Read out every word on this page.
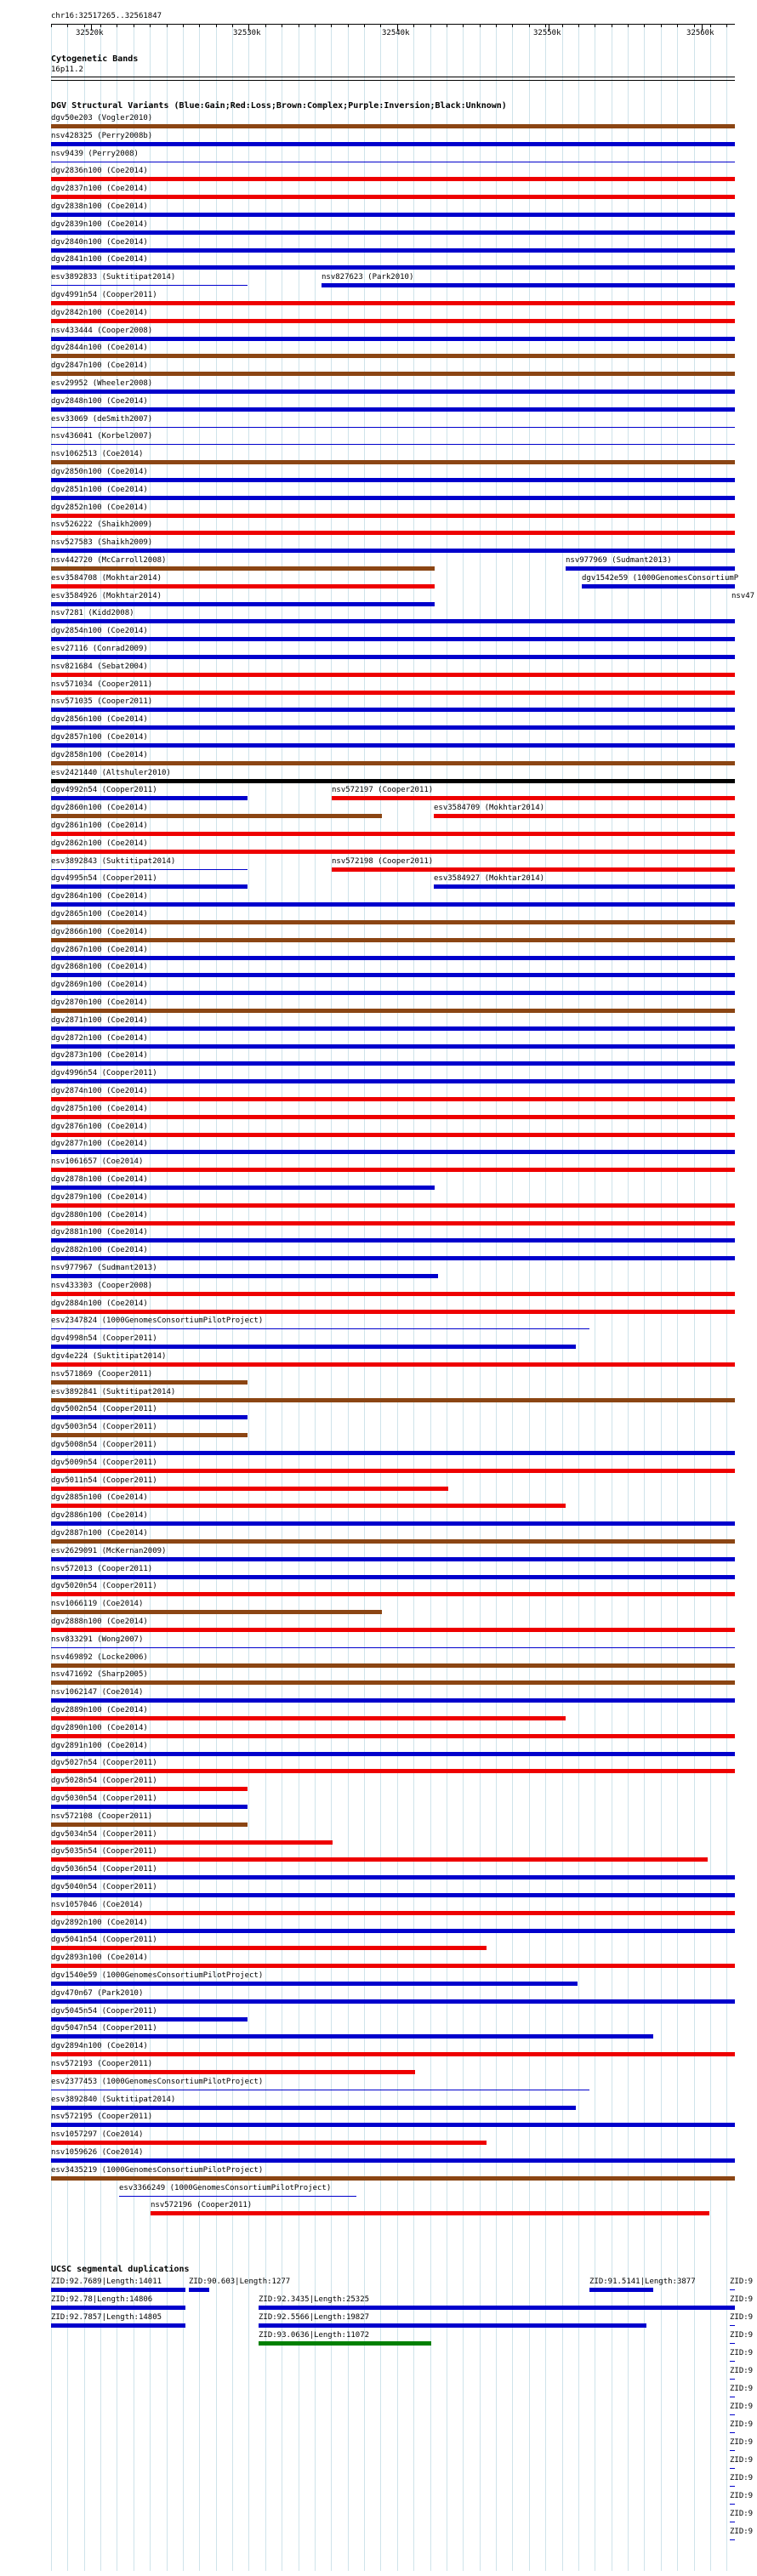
chr16:32517265..32561847
32520k	32530k	32540k	32550k	32560k
Cytogenetic Bands
16p11.2
DGV Structural Variants (Blue:Gain;Red:Loss;Brown:Complex;Purple:Inversion;Black:Unknown)
dgv50e203 (Vogler2010)
nsv428325 (Perry2008b)
nsv9439 (Perry2008)
dgv2836n100 (Coe2014)
dgv2837n100 (Coe2014)
dgv2838n100 (Coe2014)
dgv2839n100 (Coe2014)
dgv2840n100 (Coe2014)
dgv2841n100 (Coe2014)
esv3892833 (Suktitipat2014)	nsv827623 (Park2010)
dgv4991n54 (Cooper2011)
dgv2842n100 (Coe2014)
nsv433444 (Cooper2008)
dgv2844n100 (Coe2014)
dgv2847n100 (Coe2014)
esv29952 (Wheeler2008)
dgv2848n100 (Coe2014)
esv33069 (deSmith2007)
nsv436041 (Korbel2007)
nsv1062513 (Coe2014)
dgv2850n100 (Coe2014)
dgv2851n100 (Coe2014)
dgv2852n100 (Coe2014)
nsv526222 (Shaikh2009)
nsv527583 (Shaikh2009)
nsv442720 (McCarroll2008)	nsv977969 (Sudmant2013)
esv3584708 (Mokhtar2014)	dgv1542e59 (1000GenomesConsortiumP
esv3584926 (Mokhtar2014)	nsv47
nsv7281 (Kidd2008)
dgv2854n100 (Coe2014)
esv27116 (Conrad2009)
nsv821684 (Sebat2004)
nsv571034 (Cooper2011)
nsv571035 (Cooper2011)
dgv2856n100 (Coe2014)
dgv2857n100 (Coe2014)
dgv2858n100 (Coe2014)
esv2421440 (Altshuler2010)
dgv4992n54 (Cooper2011)	nsv572197 (Cooper2011)
dgv2860n100 (Coe2014)	esv3584709 (Mokhtar2014)
dgv2861n100 (Coe2014)
dgv2862n100 (Coe2014)
esv3892843 (Suktitipat2014)	nsv572198 (Cooper2011)
dgv4995n54 (Cooper2011)	esv3584927 (Mokhtar2014)
dgv2864n100 (Coe2014)
dgv2865n100 (Coe2014)
dgv2866n100 (Coe2014)
dgv2867n100 (Coe2014)
dgv2868n100 (Coe2014)
dgv2869n100 (Coe2014)
dgv2870n100 (Coe2014)
dgv2871n100 (Coe2014)
dgv2872n100 (Coe2014)
dgv2873n100 (Coe2014)
dgv4996n54 (Cooper2011)
dgv2874n100 (Coe2014)
dgv2875n100 (Coe2014)
dgv2876n100 (Coe2014)
dgv2877n100 (Coe2014)
nsv1061657 (Coe2014)
dgv2878n100 (Coe2014)
dgv2879n100 (Coe2014)
dgv2880n100 (Coe2014)
dgv2881n100 (Coe2014)
dgv2882n100 (Coe2014)
nsv977967 (Sudmant2013)
nsv433303 (Cooper2008)
dgv2884n100 (Coe2014)
esv2347824 (1000GenomesConsortiumPilotProject)
dgv4998n54 (Cooper2011)
dgv4e224 (Suktitipat2014)
nsv571869 (Cooper2011)
esv3892841 (Suktitipat2014)
dgv5002n54 (Cooper2011)
dgv5003n54 (Cooper2011)
dgv5008n54 (Cooper2011)
dgv5009n54 (Cooper2011)
dgv5011n54 (Cooper2011)
dgv2885n100 (Coe2014)
dgv2886n100 (Coe2014)
dgv2887n100 (Coe2014)
esv2629091 (McKernan2009)
nsv572013 (Cooper2011)
dgv5020n54 (Cooper2011)
nsv1066119 (Coe2014)
dgv2888n100 (Coe2014)
nsv833291 (Wong2007)
nsv469892 (Locke2006)
nsv471692 (Sharp2005)
nsv1062147 (Coe2014)
dgv2889n100 (Coe2014)
dgv2890n100 (Coe2014)
dgv2891n100 (Coe2014)
dgv5027n54 (Cooper2011)
dgv5028n54 (Cooper2011)
dgv5030n54 (Cooper2011)
nsv572108 (Cooper2011)
dgv5034n54 (Cooper2011)
dgv5035n54 (Cooper2011)
dgv5036n54 (Cooper2011)
dgv5040n54 (Cooper2011)
nsv1057046 (Coe2014)
dgv2892n100 (Coe2014)
dgv5041n54 (Cooper2011)
dgv2893n100 (Coe2014)
dgv1540e59 (1000GenomesConsortiumPilotProject)
dgv470n67 (Park2010)
dgv5045n54 (Cooper2011)
dgv5047n54 (Cooper2011)
dgv2894n100 (Coe2014)
nsv572193 (Cooper2011)
esv2377453 (1000GenomesConsortiumPilotProject)
esv3892840 (Suktitipat2014)
nsv572195 (Cooper2011)
nsv1057297 (Coe2014)
nsv1059626 (Coe2014)
esv3435219 (1000GenomesConsortiumPilotProject)
esv3366249 (1000GenomesConsortiumPilotProject)
nsv572196 (Cooper2011)
UCSC segmental duplications
ZID:92.7689|Length:14011	ZID:90.603|Length:1277	ZID:91.5141|Length:3877	ZID:9
ZID:92.78|Length:14806	ZID:92.3435|Length:25325	ZID:9
ZID:92.7857|Length:14805	ZID:92.5566|Length:19827	ZID:9
ZID:93.0636|Length:11072	ZID:9
ZID:9
ZID:9
ZID:9
ZID:9
ZID:9
ZID:9
ZID:9
ZID:9
ZID:9
ZID:9
ZID:9
